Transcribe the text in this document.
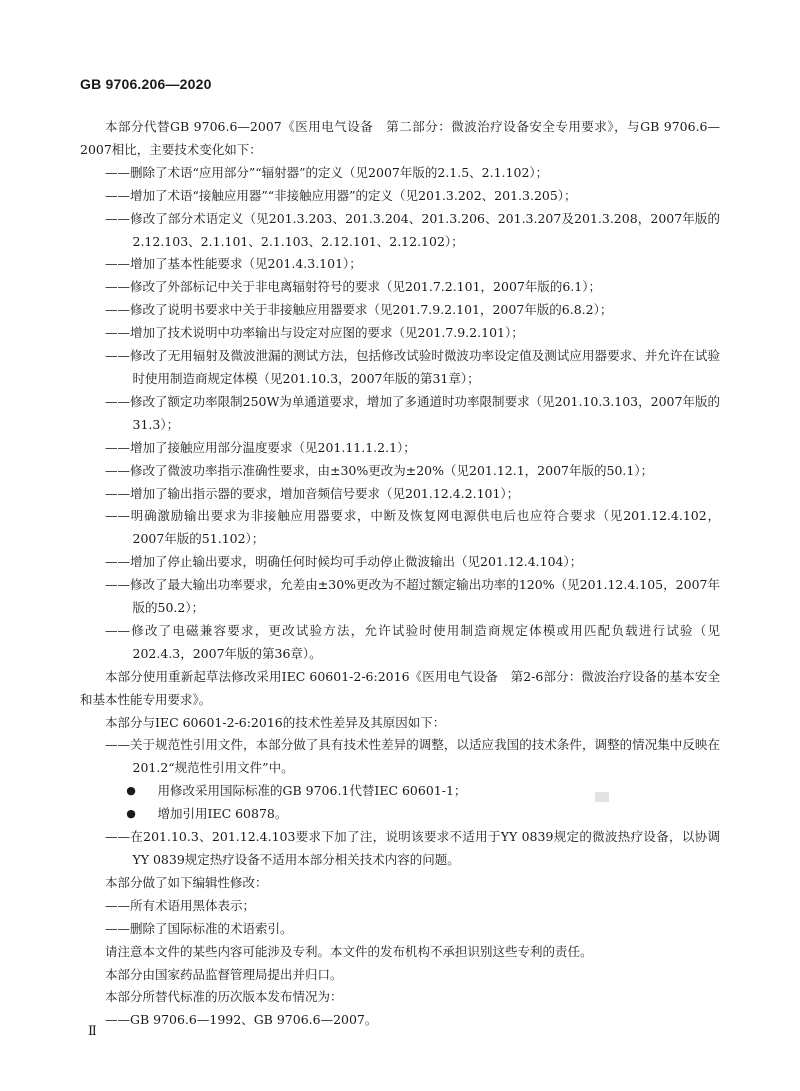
GB 9706.206—2020
本部分代替GB 9706.6—2007《医用电气设备　第二部分：微波治疗设备安全专用要求》，与GB 9706.6—2007相比，主要技术变化如下：
——删除了术语“应用部分”“辐射器”的定义（见2007年版的2.1.5、2.1.102）；
——增加了术语“接触应用器”“非接触应用器”的定义（见201.3.202、201.3.205）；
——修改了部分术语定义（见201.3.203、201.3.204、201.3.206、201.3.207及201.3.208，2007年版的2.12.103、2.1.101、2.1.103、2.12.101、2.12.102）；
——增加了基本性能要求（见201.4.3.101）；
——修改了外部标记中关于非电离辐射符号的要求（见201.7.2.101，2007年版的6.1）；
——修改了说明书要求中关于非接触应用器要求（见201.7.9.2.101，2007年版的6.8.2）；
——增加了技术说明中功率输出与设定对应图的要求（见201.7.9.2.101）；
——修改了无用辐射及微波泄漏的测试方法，包括修改试验时微波功率设定值及测试应用器要求、并允许在试验时使用制造商规定体模（见201.10.3，2007年版的第31章）；
——修改了额定功率限制250W为单通道要求，增加了多通道时功率限制要求（见201.10.3.103，2007年版的31.3）；
——增加了接触应用部分温度要求（见201.11.1.2.1）；
——修改了微波功率指示准确性要求，由±30%更改为±20%（见201.12.1，2007年版的50.1）；
——增加了输出指示器的要求，增加音频信号要求（见201.12.4.2.101）；
——明确激励输出要求为非接触应用器要求，中断及恢复网电源供电后也应符合要求（见201.12.4.102，2007年版的51.102）；
——增加了停止输出要求，明确任何时候均可手动停止微波输出（见201.12.4.104）；
——修改了最大输出功率要求，允差由±30%更改为不超过额定输出功率的120%（见201.12.4.105，2007年版的50.2）；
——修改了电磁兼容要求，更改试验方法，允许试验时使用制造商规定体模或用匹配负载进行试验（见202.4.3，2007年版的第36章）。
本部分使用重新起草法修改采用IEC 60601-2-6:2016《医用电气设备　第2-6部分：微波治疗设备的基本安全和基本性能专用要求》。
本部分与IEC 60601-2-6:2016的技术性差异及其原因如下：
——关于规范性引用文件，本部分做了具有技术性差异的调整，以适应我国的技术条件，调整的情况集中反映在201.2“规范性引用文件”中。
● 用修改采用国际标准的GB 9706.1代替IEC 60601-1；
● 增加引用IEC 60878。
——在201.10.3、201.12.4.103要求下加了注，说明该要求不适用于YY 0839规定的微波热疗设备，以协调YY 0839规定热疗设备不适用本部分相关技术内容的问题。
本部分做了如下编辑性修改：
——所有术语用黑体表示；
——删除了国际标准的术语索引。
请注意本文件的某些内容可能涉及专利。本文件的发布机构不承担识别这些专利的责任。
本部分由国家药品监督管理局提出并归口。
本部分所替代标准的历次版本发布情况为：
——GB 9706.6—1992、GB 9706.6—2007。
Ⅱ
